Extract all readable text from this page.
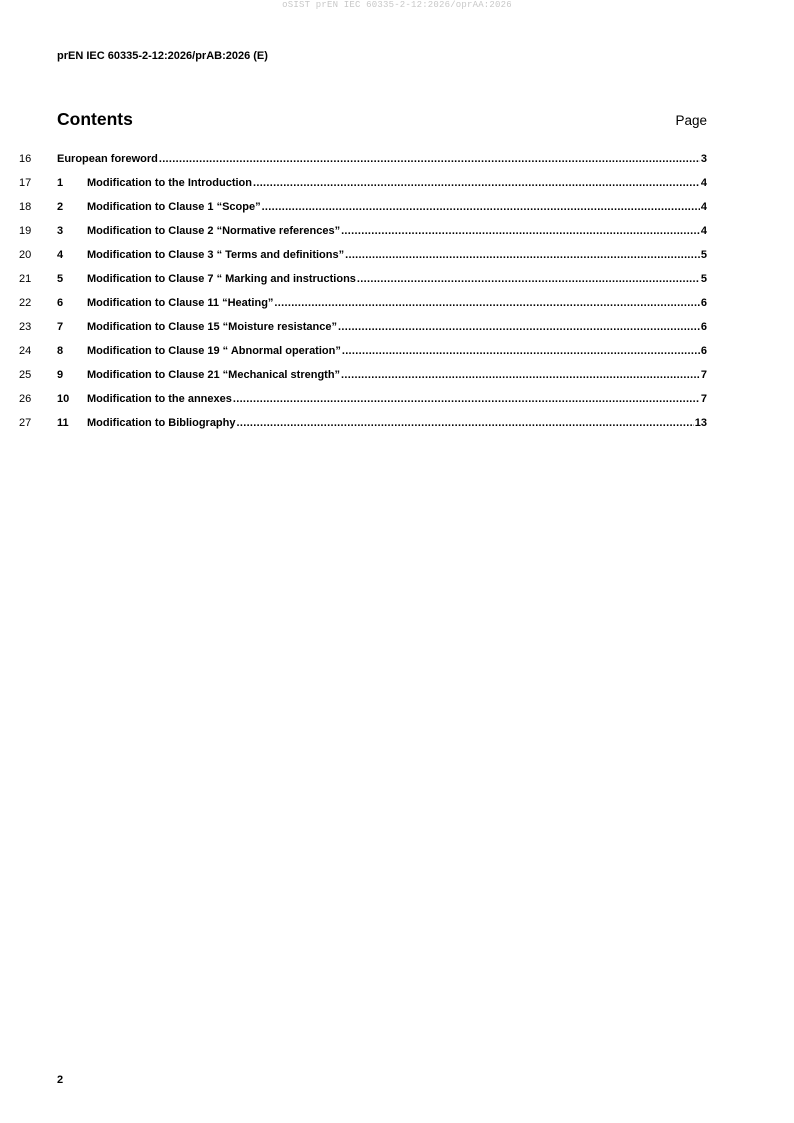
oSIST prEN IEC 60335-2-12:2026/oprAA:2026
prEN IEC 60335-2-12:2026/prAB:2026 (E)
Contents	Page
16 European foreword .....	3
17 1	Modification to the Introduction .....	4
18 2	Modification to Clause 1 “Scope” .....	4
19 3	Modification to Clause 2 “Normative references” .....	4
20 4	Modification to Clause 3 “ Terms and definitions” .....	5
21 5	Modification to Clause 7 “ Marking and instructions .....	5
22 6	Modification to Clause 11 “Heating” .....	6
23 7	Modification to Clause 15 “Moisture resistance” .....	6
24 8	Modification to Clause 19 “ Abnormal operation” .....	6
25 9	Modification to Clause 21 “Mechanical strength” .....	7
26 10	Modification to the annexes .....	7
27 11	Modification to Bibliography .....	13
2
